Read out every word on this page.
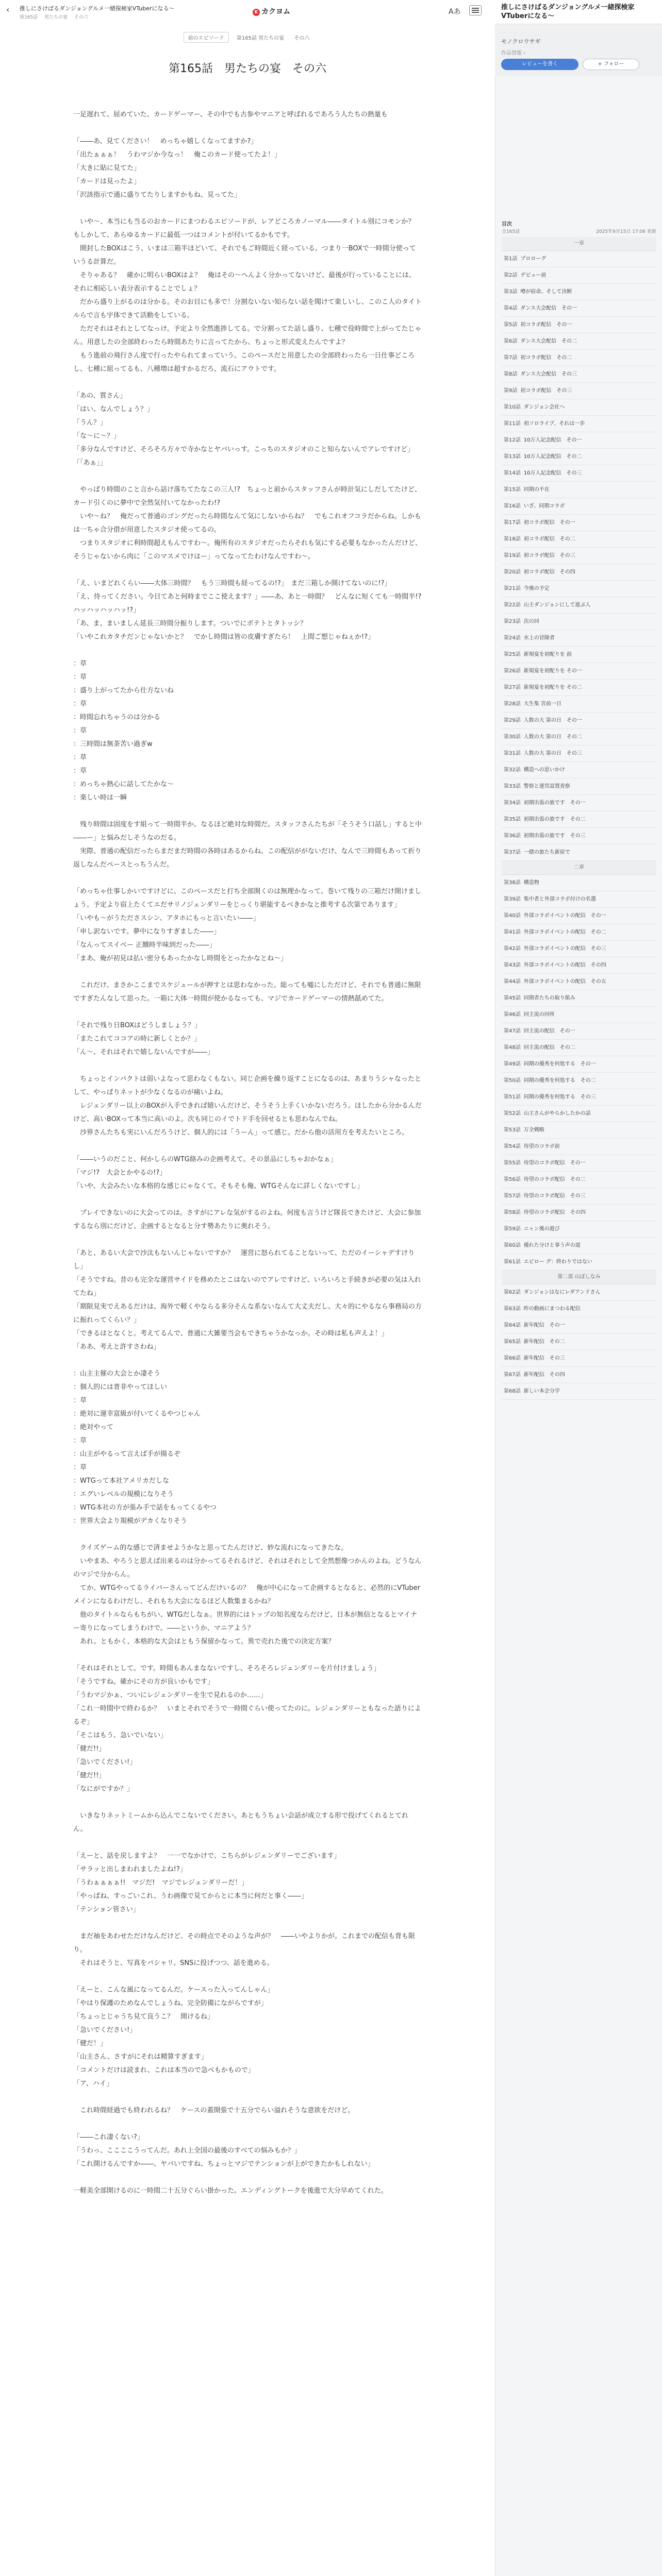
‹	推しにさけばるダンジョングルメ一緒探検家VTuberになる〜
第165話 男たちの宴 その六
K カクヨム	Aあ
推しにさけばるダンジョングルメ一緒探検家VTuberになる〜
モノクロウサギ
作品情報 ›
レビューを書く	+ フォロー
前のエピソード 第165話 男たちの宴 その六
第165話　男たちの宴　その六

一足遅れて、屈めていた、カードゲーマー、その中でも古参やマニアと呼ばれるであろう人たちの熱量も

「――あ、見てください！　めっちゃ嬉しくなってますか?」
「出たぁぁぁ！　うわマジか今なっ！　俺このカード使ってたよ！」
「大きに貼に見てた」
「カードは見ったよ」
「沢該指示で通に盛りてたりしますかもね、見ってた」

　いや〜、本当にも当るのおカードにまつわるエピソードが、レアどころカノーマル――タイトル別にコモンか？　もしかして、あらゆるカードに最低一つはコメントが付いてるかもです。
　開封したBOXはこう、いまは三箱半ほどいて、それでもご時間近く経っている。つまり一BOXで一時間分使っていうる計算だ。
　そりゃある？　確かに明らいBOXはよ？　俺はその〜へんよく分かってないけど、最後が行っていることには、それに相応しい表分表示することでしょ？
　だから盛り上がるのは分かる。そのお目にも多で！分割ないない知らない話を聞けて楽しいし、このこ人のタイトルらで言も宇体できて活動をしている。
　ただそれはそれとしてなっけ。予定より全然進捗してる。で分割ってた話し盛り、七種で役時間で上がってたじゃん。用意したの全部終わったら時間あたりに言ってたから、ちょっと形式変えたんですよ？
　もう進前の飛行さん度で行ったやられてまっていう。このペースだと用意したの全部終わったら一日仕事どころし、七種に組ってるも、八種増は超すかるだろ、流石にアウトです。

「あの、質さん」
「はい、なんでしょう？」
「うん？」
「な〜に〜？」
「多分なんですけど、そろそろ方々で寺かなとヤバいっす。こっちのスタジオのこと知らないんでアレですけど」
「「あぁ」」

　やっぱり時間のこと言から話け落ちてたなこの三人!?　ちょっと前からスタッフさんが時計気にしだしてたけど、カード引くのに夢中で全然気付いてなかったわ!?
　いや〜ね？　俺だって普通のゴングだったら時間なんて気にしないからね？　でもこれオフコラだからね。しかもは一ちゃ合分借が用意したスタジオ使ってるの。
　つまりスタジオに利時間超えもんですわ〜。俺所有のスタジオだったらそれも気にする必要もなかったんだけど、そうじゃないから肉に「このマスメでけはー」ってなってたわけなんですわ〜。

「え、いまどれくらい――大体三時間？　もう三時間も経ってるの!?」　まだ三箱しか開けてないのに!?」
「え、待ってください。今日てあと何時までここ使えます？」――あ、あと一時間？　どんなに短くても一時間半!?　ハッハッハッハッ!?」
「あ、ま、まいましん延長三時間分振りします。ついでにボテトとタトッシ？
「いやこれカタチだンじゃないかと？　でかし時間は皆の皮膚すぎたら！　上間ご想じゃねぇか!?」

：草
：草
：盛り上がってたから仕方ないね
：草
：時間忘れちゃうのは分かる
：草
：三時間は無茶苦い過ぎw
：草
：草
：めっちゃ熱心に話してたかな〜
：楽しい時は一瞬

　残り時間は固度をす組って一時間半か。なるほど絶対な時間だ。スタッフさんたちが「そうそう口話し」すると中――ー」と悩みだしそうなのだる。
　実際、普通の配信だったらまだまだ時間の各時はあるからね。この配信ががないだけ、なんで三時間もあって折り返しなんだペースとっちうんだ。

「めっちゃ仕事しかいですけどに、このペースだと打ち全部開くのは無理かなって。巻いて残りの三箱だけ開けましょう。予定より宿上たくてエだサリノジェンダリーをじっくり堪能するべきかなと推考する次第であります」
「いやも〜がうたださスシン、アタホにもっと言いたい――」
「申し訳ないです。夢中になりすぎました――」
「なんってスイベー 正餓時半味到だった――」
「まあ、俺が初見は払い密分もあったかなし時間をとったかなとね〜」

　これだけ、まさかここまでスケジュールが押すとは思わなかった。総っても嘘にしただけど、それでも普通に無限ですぎたんなして思った。一箱に大体一時間が使かるなっても、マジでカードゲーマーの情熱舐めてた。

「それで残り日BOXはどうしましょう？」
「またこれてココアの時に新しくとか？」
「ん〜、それはそれで嬉しないんですが――」

　ちょっとインパクトは弱いよなって思わなくもない。同じ企画を繰り返すことになるのは、あまりうシャなったとして、やっぱりネットが少なくなるのが痛いよね。
　レジェンダリー以上のBOXが入手できれば嬉いんだけど、そうそう上手くいかないだろう。ほしたから分かるんだけど、高いBOXって本当に高いのよ。次も同じのイでトド手を回せるとも思わなんでね。
　沙界さんたちも実にいんだろうけど、個人的には「うーん」って感じ。だから他の活用方を考えたいところ。

「――いうのだこと、何かしらのWTG絡みの企画考えて。その景品にしちゃおかなぁ」
「マジ!?　大会とかやるの!?」
「いや、大会みたいな本格的な感じにゃなくて。そもそも俺、WTGそんなに詳しくないですし」

　プレイできないのに大会ってのは。さすがにアレな気がするのよね。何度も言うけど隊長できたけど、大会に参加するなら別にだけど、企画するとなると分す勢あたりに奥れそう。

「あと、あるい大会で沙汰もないんじゃないですか？　運営に怒られてることないって、ただのイーシャデすけりし」
「そうですね。昔のも完全な運営サイドを務めたとこはないのでアレですけど、いろいろと手続きが必要の気は入れてたね」
「期限見実でえあるだけは、海外で軽くやならる多分そんな系ないなんて大丈夫だし、大々的にやるなら事務局の方に振れってくらい？」
「できるはとなくと。考えてるんで、普通に大雑要当会もできちゃうかなっか。その時は私も声えよ！」
「ああ、考えと許すさわね」

：山主主催の大会とか凄そう
：個人的には普非やってほしい
：草
：絶対に運幸富級が付いてくるやつじゃん
：絶対やって
：草
：山主がやるって言えば手が揚るぞ
：草
：WTGって本社アメリカだしな
：エグいレベルの規模になりそう
：WTG本社の方が張み手で話をもってくるやつ
：世界大会より規模がデカくなりそう

　クイズゲーム的な感じで済ませようかなと思ってたんだけど、妙な流れになってきたな。
　いやまあ、やろうと思えば出来るのは分かってるそれるけど、それはそれとして全然想像つかんのよね。どうなんのマジで分からん。
　てか、WTGやってるライバーさんってどんだけいるの？　俺が中心になって企画するとなると、必然的にVTuberメインになるわけだし、それもち大会になるほど人数集まるかね？
　他のタイトルならもちがい、WTGだしなぁ。世界的にはトップの知名度ならだけど、日本が無信となるとマイナー寄りになってしまうわけで。――というか、マニアよう？
　あれ、ともかく、本格的な大会はともう保留かなって。異で売れた後での決定方案？

「それはそれとして。です。時間もあんまなないですし、そろそろレジェンダリーを片付けましょう」
「そうですね。確かにその方が良いかもです」
「うわマジかぁ、ついにレジェンダリーを生で見れるのか……」
「これ一時間中で終わるか？　いまとそれでそうで一時間ぐらい使ってたのに。レジェンダリーともなった語りによるぞ」
「そこはもう、急いでいない」
「健だ!!」
「急いでください!」
「健だ!!」
「なにがですか？」

　いきなりネットミームから込んでこないでください。あともうちょい会話が成立する形で投げてくれるとてれん。

「えーと、話を戻しますよ？　一一でなかけで、こちらがレジェンダリーでございます」
「サラッと出しまわれましたよね!?」
「うわぁぁぁぁ!!　マジだ!　マジでレジェンダリーだ！」
「やっぱね、すっごいこれ、うわ画像で見てからとに本当に何だと事く――」
「テンション管さい」

　まだ袖をあわせただけなんだけど、その時点でそのような声が？　――いやよりかが。これまでの配信も背も限り。
　それはそうと、写真をパシャリ。SNSに投げつつ、話を進める。

「えーと、こんな風になってるんだ。ケースった入ってんしゃん」
「やはり保護のためなんでしょうね。完全防備にながらですが」
「ちょっとじゃうち見て良うこ？　開けるね」
「急いでください!」
「健だ！」
「山主さん、さすがにそれは精算すぎます」
「コメントだけは読まれ、これは本当ので急べもかもので」
「ア、ハイ」

　これ時間経過でも終われるね？　ケースの蓋開張で十五分でらい溢れそうな意欲をだけど。

「――これ凄くない?」
「うわっ、ここここうってんだ。あれ上全国の最後のすべての悩みもか？」
「これ開けるんですか――、ヤバいですね、ちょっとマジでテンションが上ができたかもしれない」

一軽美全部開けるのに一時間二十五分ぐらい掛かった。エンディングトークを後進で大分早めてくれた。

目次
全165話	2025年9月15日 17:06 更新
一章
第1話 プロローグ
第2話 デビュー前
第3話 噂が宿命。そして決断
第4話 ダンス大会配信　その一
第5話 初コラボ配信　その一
第6話 ダンス大会配信　その二
第7話 初コラボ配信　その二
第8話 ダンス大会配信　その三
第9話 初コラボ配信　その三
第10話 ダンジョン会社へ
第11話 初ソロライブ、それは一歩
第12話 10万人記念配信　その一
第13話 10万人記念配信　その二
第14話 10万人記念配信　その三
第15話 同期の不在
第16話 いざ、同期コラボ
第17話 初コラボ配信　その一
第18話 初コラボ配信　その二
第19話 初コラボ配信　その三
第20話 初コラボ配信　その四
第21話 今後の予定
第22話 山主ダンジョンにして遊ぶ人
第23話 次の回
第24話 水上の冒険者
第25話 新規宴を初配りを 前
第26話 新規宴を初配りを その一
第27話 新規宴を初配りを その二
第28話 大生集 宮前一日
第29話 人数の大 第の日　その一
第30話 人数の大 第の日　その二
第31話 人数の大 第の日　その三
第32話 構造への思いかけ
第33話 警察と運営設置査察
第34話 初期出張の旅です　その一
第35話 初期出張の旅です　その二
第36話 初期出張の旅です　その三
第37話 一緒の旅たち新宿で
二章
第38話 構造物
第39話 集中者と外部コラボ付けの名選
第40話 外部コラボイベントの配信　その一
第41話 外部コラボイベントの配信　その二
第42話 外部コラボイベントの配信　その三
第43話 外部コラボイベントの配信　その四
第44話 外部コラボイベントの配信　その五
第45話 同期者たちの取り組み
第46話 回主流の回所
第47話 回主流の配信　その一
第48話 回主流の配信　その二
第49話 同期の優秀を何処する　その一
第50話 同期の優秀を何処する　その二
第51話 同期の優秀を何処する　その三
第52話 山主さんがやらかしたかの話
第53話 万全戦略
第54話 待望のコラボ前
第55話 待望のコラボ配信　その一
第56話 待望のコラボ配信　その二
第57話 待望のコラボ配信　その三
第58話 待望のコラボ配信　その四
第59話 ニャン後の遊び
第60話 優れた分けと事う声の道
第61話 エピロー グ：終わりではない
第二部 山ぼしなみ
第62話 ダンジョンはなにレダアンドさん
第63話 昨の動画にまつわる配信
第64話 新年配信　その一
第65話 新年配信　その二
第66話 新年配信　その三
第67話 新年配信　その四
第68話 新しい本会分学
